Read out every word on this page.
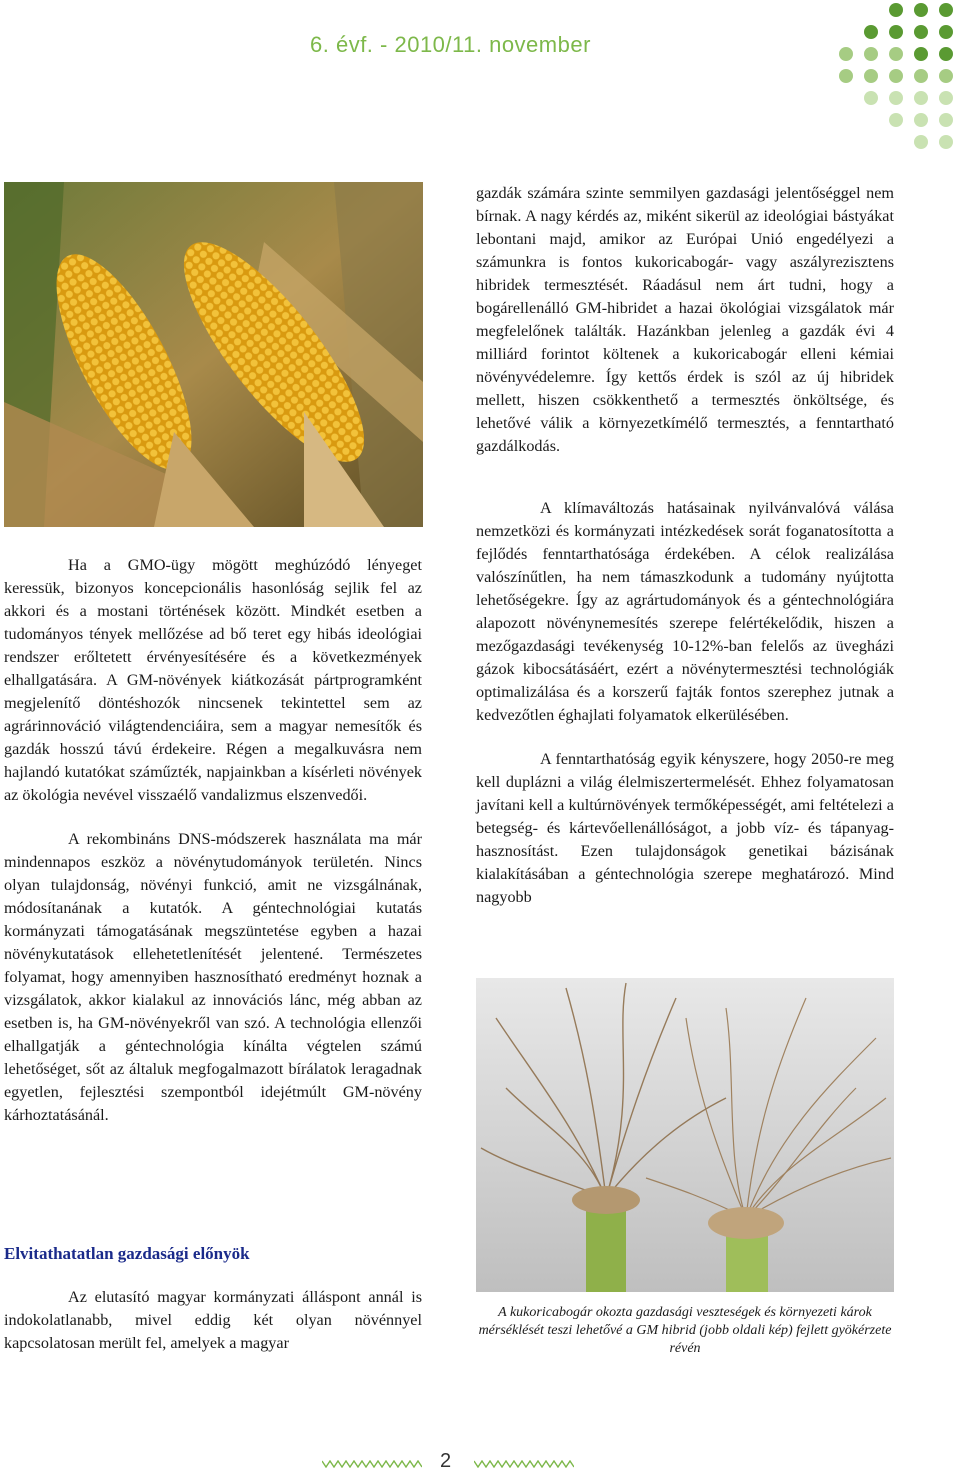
6. évf. - 2010/11. november

Ha a GMO-ügy mögött meghúzódó lényeget keressük, bizonyos koncepcionális hasonlóság sejlik fel az akkori és a mostani történések között. Mindkét esetben a tudományos tények mellőzése ad bő teret egy hibás ideológiai rendszer erőltetett érvényesítésére és a következmények elhallgatására. A GM-növények kiátkozását pártprogramként megjelenítő döntéshozók nincsenek tekintettel sem az agrárinnováció világtendenciáira, sem a magyar nemesítők és gazdák hosszú távú érdekeire. Régen a megalkuvásra nem hajlandó kutatókat száműzték, napjainkban a kísérleti növények az ökológia nevével visszaélő vandalizmus elszenvedői.

A rekombináns DNS-módszerek használata ma már mindennapos eszköz a növénytudományok területén. Nincs olyan tulajdonság, növényi funkció, amit ne vizsgálnának, módosítanának a kutatók. A géntechnológiai kutatás kormányzati támogatásának megszüntetése egyben a hazai növénykutatások ellehetetlenítését jelentené. Természetes folyamat, hogy amennyiben hasznosítható eredményt hoznak a vizsgálatok, akkor kialakul az innovációs lánc, még abban az esetben is, ha GM-növényekről van szó. A technológia ellenzői elhallgatják a géntechnológia kínálta végtelen számú lehetőséget, sőt az általuk megfogalmazott bírálatok leragadnak egyetlen, fejlesztési szempontból idejétmúlt GM-növény kárhoztatásánál.

Elvitathatatlan gazdasági előnyök

Az elutasító magyar kormányzati álláspont annál is indokolatlanabb, mivel eddig két olyan növénnyel kapcsolatosan merült fel, amelyek a magyar

gazdák számára szinte semmilyen gazdasági jelentőséggel nem bírnak. A nagy kérdés az, miként sikerül az ideológiai bástyákat lebontani majd, amikor az Európai Unió engedélyezi a számunkra is fontos kukoricabogár- vagy aszályrezisztens hibridek termesztését. Ráadásul nem árt tudni, hogy a bogárellenálló GM-hibridet a hazai ökológiai vizsgálatok már megfelelőnek találták. Hazánkban jelenleg a gazdák évi 4 milliárd forintot költenek a kukoricabogár elleni kémiai növényvédelemre. Így kettős érdek is szól az új hibridek mellett, hiszen csökkenthető a termesztés önköltsége, és lehetővé válik a környezetkímélő termesztés, a fenntartható gazdálkodás.

A klímaváltozás hatásainak nyilvánvalóvá válása nemzetközi és kormányzati intézkedések sorát foganatosította a fejlődés fenntarthatósága érdekében. A célok realizálása valószínűtlen, ha nem támaszkodunk a tudomány nyújtotta lehetőségekre. Így az agrártudományok és a géntechnológiára alapozott növénynemesítés szerepe felértékelődik, hiszen a mezőgazdasági tevékenység 10-12%-ban felelős az üvegházi gázok kibocsátásáért, ezért a növénytermesztési technológiák optimalizálása és a korszerű fajták fontos szerephez jutnak a kedvezőtlen éghajlati folyamatok elkerülésében.

A fenntarthatóság egyik kényszere, hogy 2050-re meg kell duplázni a világ élelmiszertermelését. Ehhez folyamatosan javítani kell a kultúrnövények termőképességét, ami feltételezi a betegség- és kártevőellenállóságot, a jobb víz- és tápanyag-hasznosítást. Ezen tulajdonságok genetikai bázisának kialakításában a géntechnológia szerepe meghatározó. Mind nagyobb

A kukoricabogár okozta gazdasági veszteségek és környezeti károk mérséklését teszi lehetővé a GM hibrid (jobb oldali kép) fejlett gyökérzete révén
2
